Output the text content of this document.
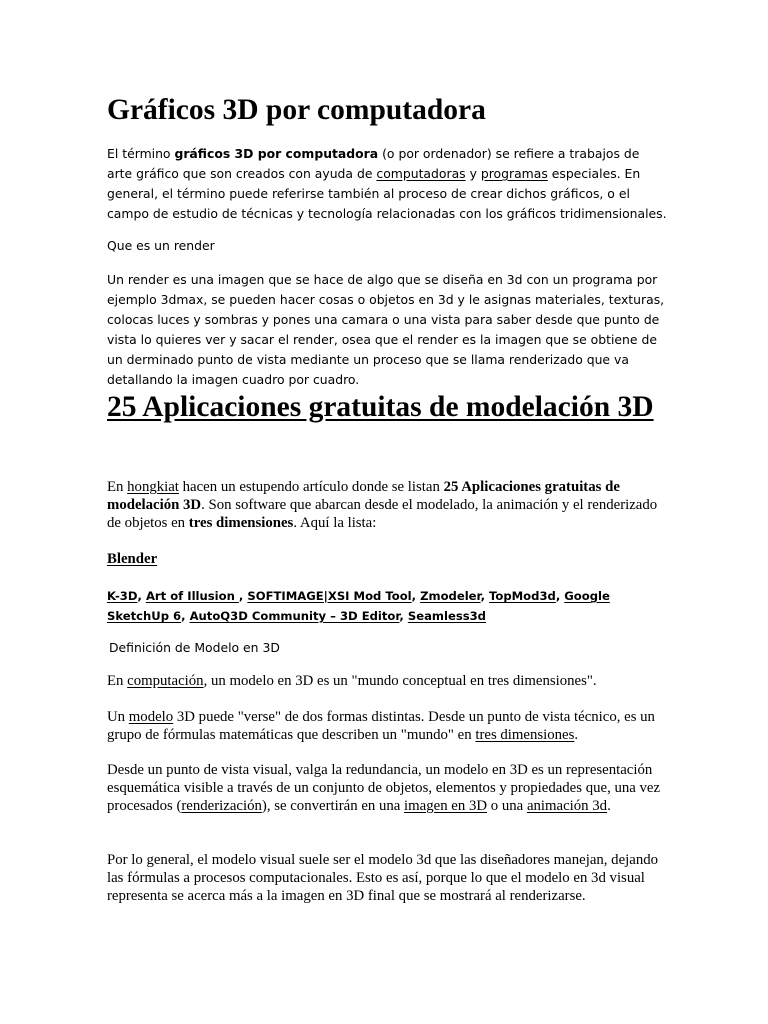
Gráficos 3D por computadora

El término gráficos 3D por computadora (o por ordenador) se refiere a trabajos de arte gráfico que son creados con ayuda de computadoras y programas especiales. En general, el término puede referirse también al proceso de crear dichos gráficos, o el campo de estudio de técnicas y tecnología relacionadas con los gráficos tridimensionales.

Que es un render

Un render es una imagen que se hace de algo que se diseña en 3d con un programa por ejemplo 3dmax, se pueden hacer cosas o objetos en 3d y le asignas materiales, texturas, colocas luces y sombras y pones una camara o una vista para saber desde que punto de vista lo quieres ver y sacar el render, osea que el render es la imagen que se obtiene de un derminado punto de vista mediante un proceso que se llama renderizado que va detallando la imagen cuadro por cuadro.

25 Aplicaciones gratuitas de modelación 3D

En hongkiat hacen un estupendo artículo donde se listan 25 Aplicaciones gratuitas de modelación 3D. Son software que abarcan desde el modelado, la animación y el renderizado de objetos en tres dimensiones. Aquí la lista:

Blender

K-3D, Art of Illusion , SOFTIMAGE|XSI Mod Tool, Zmodeler, TopMod3d, Google SketchUp 6, AutoQ3D Community – 3D Editor, Seamless3d

Definición de Modelo en 3D

En computación, un modelo en 3D es un "mundo conceptual en tres dimensiones".

Un modelo 3D puede "verse" de dos formas distintas. Desde un punto de vista técnico, es un grupo de fórmulas matemáticas que describen un "mundo" en tres dimensiones.

Desde un punto de vista visual, valga la redundancia, un modelo en 3D es un representación esquemática visible a través de un conjunto de objetos, elementos y propiedades que, una vez procesados (renderización), se convertirán en una imagen en 3D o una animación 3d.

Por lo general, el modelo visual suele ser el modelo 3d que las diseñadores manejan, dejando las fórmulas a procesos computacionales. Esto es así, porque lo que el modelo en 3d visual representa se acerca más a la imagen en 3D final que se mostrará al renderizarse.
